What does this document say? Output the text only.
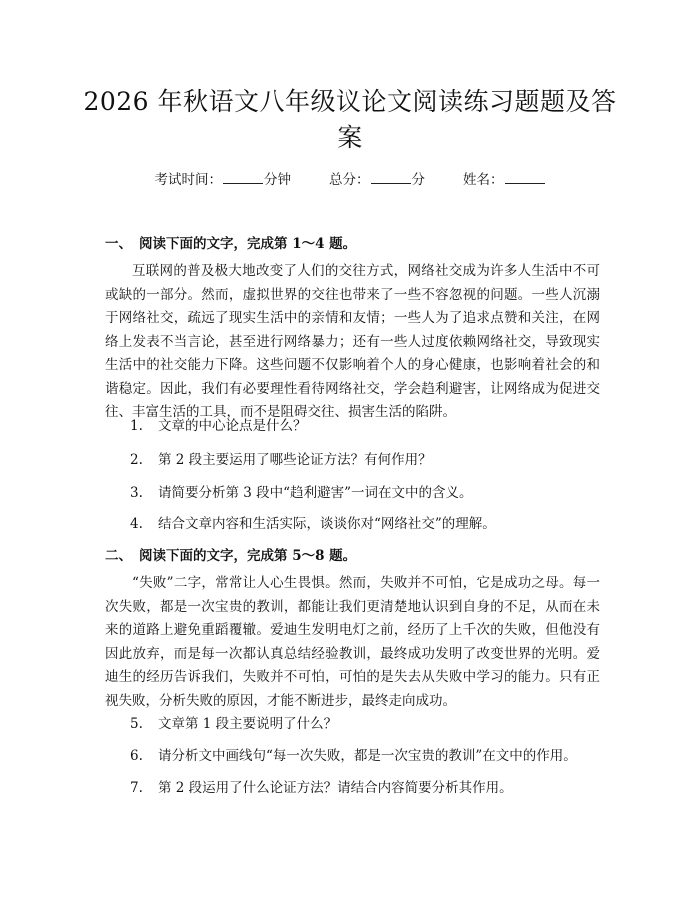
2026 年秋语文八年级议论文阅读练习题题及答案
考试时间：	分钟	总分：	分	姓名：
一、 阅读下面的文字，完成第 1～4 题。

互联网的普及极大地改变了人们的交往方式，网络社交成为许多人生活中不可或缺的一部分。然而，虚拟世界的交往也带来了一些不容忽视的问题。一些人沉溺于网络社交，疏远了现实生活中的亲情和友情；一些人为了追求点赞和关注，在网络上发表不当言论，甚至进行网络暴力；还有一些人过度依赖网络社交，导致现实生活中的社交能力下降。这些问题不仅影响着个人的身心健康，也影响着社会的和谐稳定。因此，我们有必要理性看待网络社交，学会趋利避害，让网络成为促进交往、丰富生活的工具，而不是阻碍交往、损害生活的陷阱。

1.	文章的中心论点是什么？
2.	第 2 段主要运用了哪些论证方法？有何作用？
3.	请简要分析第 3 段中“趋利避害”一词在文中的含义。
4.	结合文章内容和生活实际，谈谈你对“网络社交”的理解。
二、 阅读下面的文字，完成第 5～8 题。

“失败”二字，常常让人心生畏惧。然而，失败并不可怕，它是成功之母。每一次失败，都是一次宝贵的教训，都能让我们更清楚地认识到自身的不足，从而在未来的道路上避免重蹈覆辙。爱迪生发明电灯之前，经历了上千次的失败，但他没有因此放弃，而是每一次都认真总结经验教训，最终成功发明了改变世界的光明。爱迪生的经历告诉我们，失败并不可怕，可怕的是失去从失败中学习的能力。只有正视失败，分析失败的原因，才能不断进步，最终走向成功。

5.	文章第 1 段主要说明了什么？
6.	请分析文中画线句“每一次失败，都是一次宝贵的教训”在文中的作用。
7.	第 2 段运用了什么论证方法？请结合内容简要分析其作用。
